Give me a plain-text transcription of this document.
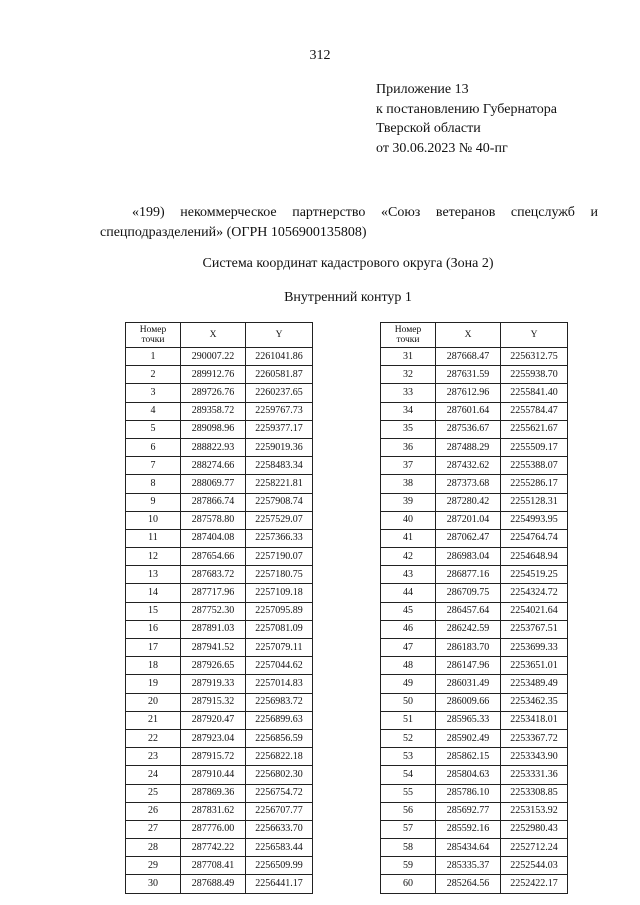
312
Приложение 13
к постановлению Губернатора
Тверской области
от 30.06.2023 № 40-пг
«199) некоммерческое партнерство «Союз ветеранов спецслужб и
спецподразделений» (ОГРН 1056900135808)
Система координат кадастрового округа (Зона 2)
Внутренний контур 1
Номер
точки	X	Y
1	290007.22	2261041.86
2	289912.76	2260581.87
3	289726.76	2260237.65
4	289358.72	2259767.73
5	289098.96	2259377.17
6	288822.93	2259019.36
7	288274.66	2258483.34
8	288069.77	2258221.81
9	287866.74	2257908.74
10	287578.80	2257529.07
11	287404.08	2257366.33
12	287654.66	2257190.07
13	287683.72	2257180.75
14	287717.96	2257109.18
15	287752.30	2257095.89
16	287891.03	2257081.09
17	287941.52	2257079.11
18	287926.65	2257044.62
19	287919.33	2257014.83
20	287915.32	2256983.72
21	287920.47	2256899.63
22	287923.04	2256856.59
23	287915.72	2256822.18
24	287910.44	2256802.30
25	287869.36	2256754.72
26	287831.62	2256707.77
27	287776.00	2256633.70
28	287742.22	2256583.44
29	287708.41	2256509.99
30	287688.49	2256441.17
Номер
точки	X	Y
31	287668.47	2256312.75
32	287631.59	2255938.70
33	287612.96	2255841.40
34	287601.64	2255784.47
35	287536.67	2255621.67
36	287488.29	2255509.17
37	287432.62	2255388.07
38	287373.68	2255286.17
39	287280.42	2255128.31
40	287201.04	2254993.95
41	287062.47	2254764.74
42	286983.04	2254648.94
43	286877.16	2254519.25
44	286709.75	2254324.72
45	286457.64	2254021.64
46	286242.59	2253767.51
47	286183.70	2253699.33
48	286147.96	2253651.01
49	286031.49	2253489.49
50	286009.66	2253462.35
51	285965.33	2253418.01
52	285902.49	2253367.72
53	285862.15	2253343.90
54	285804.63	2253331.36
55	285786.10	2253308.85
56	285692.77	2253153.92
57	285592.16	2252980.43
58	285434.64	2252712.24
59	285335.37	2252544.03
60	285264.56	2252422.17
